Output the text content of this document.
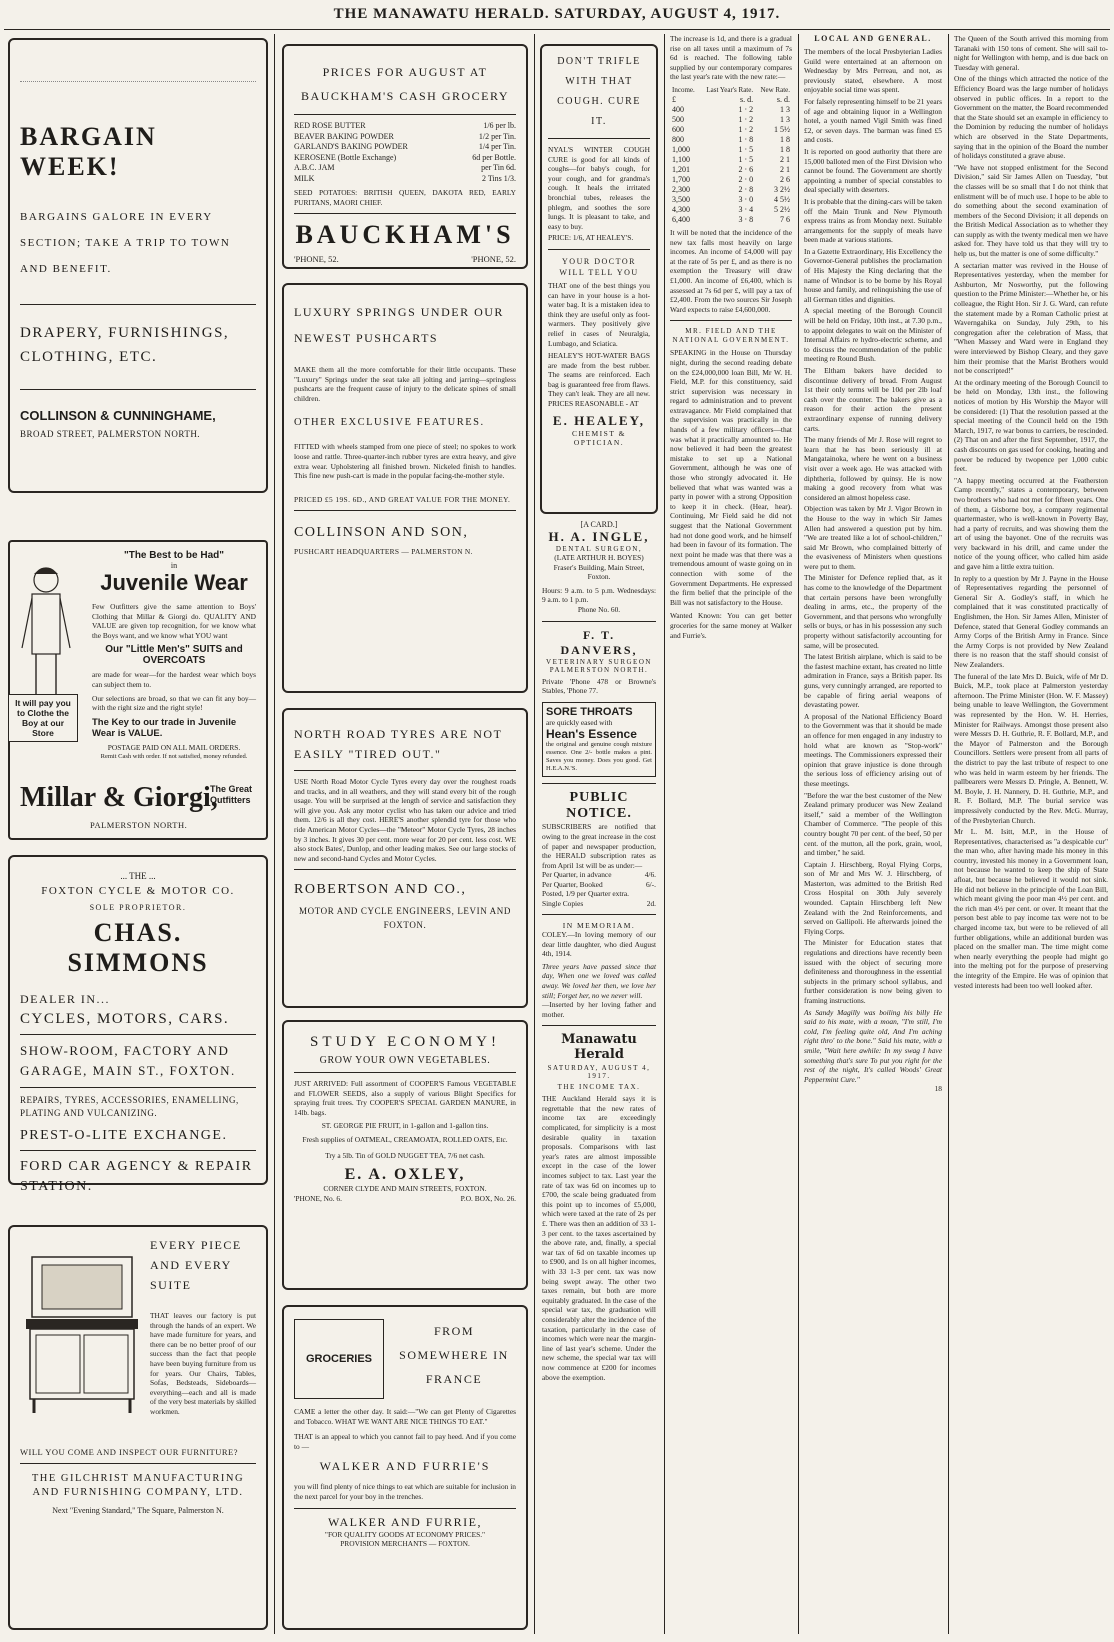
THE MANAWATU HERALD. SATURDAY, AUGUST 4, 1917.
BARGAIN WEEK!
BARGAINS GALORE IN EVERY SECTION; TAKE A TRIP TO TOWN AND BENEFIT.
DRAPERY, FURNISHINGS, CLOTHING, ETC.
COLLINSON & CUNNINGHAME,
BROAD STREET, PALMERSTON NORTH.
"The Best to be Had"
in
Juvenile Wear
Few Outfitters give the same attention to Boys' Clothing that Millar & Giorgi do. QUALITY AND VALUE are given top recognition, for we know what the Boys want, and we know what YOU want
Our "Little Men's" SUITS and OVERCOATS
are made for wear—for the hardest wear which boys can subject them to.
Our selections are broad, so that we can fit any boy—with the right size and the right style!
The Key to our trade in Juvenile Wear is VALUE.
POSTAGE PAID ON ALL MAIL ORDERS.
Remit Cash with order. If not satisfied, money refunded.
It will pay you to Clothe the Boy at our Store
Millar & Giorgi,
The Great Outfitters
PALMERSTON NORTH.
... THE ...
FOXTON CYCLE & MOTOR CO.
SOLE PROPRIETOR.
CHAS. SIMMONS
DEALER IN...
CYCLES, MOTORS, CARS.
SHOW-ROOM, FACTORY AND GARAGE, MAIN ST., FOXTON.
REPAIRS, TYRES, ACCESSORIES, ENAMELLING, PLATING AND VULCANIZING.
PREST-O-LITE EXCHANGE.
FORD CAR AGENCY & REPAIR STATION.
EVERY PIECE AND EVERY SUITE
THAT leaves our factory is put through the hands of an expert. We have made furniture for years, and there can be no better proof of our success than the fact that people have been buying furniture from us for years. Our Chairs, Tables, Sofas, Bedsteads, Sideboards—everything—each and all is made of the very best materials by skilled workmen.
WILL YOU COME AND INSPECT OUR FURNITURE?
THE GILCHRIST MANUFACTURING AND FURNISHING COMPANY, LTD.
Next "Evening Standard," The Square, Palmerston N.
PRICES FOR AUGUST AT BAUCKHAM'S CASH GROCERY
RED ROSE BUTTER	1/6 per lb.
BEAVER BAKING POWDER	1/2 per Tin.
GARLAND'S BAKING POWDER	1/4 per Tin.
KEROSENE (Bottle Exchange)	6d per Bottle.
A.B.C. JAM	per Tin 6d.
MILK	2 Tins 1/3.
SEED POTATOES: BRITISH QUEEN, DAKOTA RED, EARLY PURITANS, MAORI CHIEF.
BAUCKHAM'S
'PHONE, 52.	'PHONE, 52.
LUXURY SPRINGS UNDER OUR NEWEST PUSHCARTS
MAKE them all the more comfortable for their little occupants. These "Luxury" Springs under the seat take all jolting and jarring—springless pushcarts are the frequent cause of injury to the delicate spines of small children.
OTHER EXCLUSIVE FEATURES.
FITTED with wheels stamped from one piece of steel; no spokes to work loose and rattle. Three-quarter-inch rubber tyres are extra heavy, and give extra wear. Upholstering all finished brown. Nickeled finish to handles. This fine new push-cart is made in the popular facing-the-mother style.
PRICED £5 19S. 6D., AND GREAT VALUE FOR THE MONEY.
COLLINSON AND SON,
PUSHCART HEADQUARTERS — PALMERSTON N.
NORTH ROAD TYRES ARE NOT EASILY "TIRED OUT."
USE North Road Motor Cycle Tyres every day over the roughest roads and tracks, and in all weathers, and they will stand every bit of the rough usage. You will be surprised at the length of service and satisfaction they will give you. Ask any motor cyclist who has taken our advice and tried them. 12/6 is all they cost. HERE'S another splendid tyre for those who ride American Motor Cycles—the "Meteor" Motor Cycle Tyres, 28 inches by 3 inches. It gives 30 per cent. more wear for 20 per cent. less cost. WE also stock Bates', Dunlop, and other leading makes. See our large stocks of new and second-hand Cycles and Motor Cycles.
ROBERTSON AND CO.,
MOTOR AND CYCLE ENGINEERS, LEVIN AND FOXTON.
STUDY ECONOMY!
GROW YOUR OWN VEGETABLES.
JUST ARRIVED: Full assortment of COOPER'S Famous VEGETABLE and FLOWER SEEDS, also a supply of various Blight Specifics for spraying fruit trees. Try COOPER'S SPECIAL GARDEN MANURE, in 14lb. bags.
ST. GEORGE PIE FRUIT, in 1-gallon and 1-gallon tins.
Fresh supplies of OATMEAL, CREAMOATA, ROLLED OATS, Etc.
Try a 5lb. Tin of GOLD NUGGET TEA, 7/6 net cash.
E. A. OXLEY,
CORNER CLYDE AND MAIN STREETS, FOXTON.
'PHONE, No. 6.	P.O. BOX, No. 26.
GROCERIES
FROM SOMEWHERE IN FRANCE
CAME a letter the other day. It said:—"We can get Plenty of Cigarettes and Tobacco. WHAT WE WANT ARE NICE THINGS TO EAT."
THAT is an appeal to which you cannot fail to pay heed. And if you come to —
WALKER AND FURRIE'S
you will find plenty of nice things to eat which are suitable for inclusion in the next parcel for your boy in the trenches.
WALKER AND FURRIE,
"FOR QUALITY GOODS AT ECONOMY PRICES."
PROVISION MERCHANTS — FOXTON.
DON'T TRIFLE WITH THAT COUGH. CURE IT.
NYAL'S WINTER COUGH CURE is good for all kinds of coughs—for baby's cough, for your cough, and for grandma's cough. It heals the irritated bronchial tubes, releases the phlegm, and soothes the sore lungs. It is pleasant to take, and easy to buy.
PRICE: 1/6, AT HEALEY'S.
YOUR DOCTOR WILL TELL YOU
THAT one of the best things you can have in your house is a hot-water bag. It is a mistaken idea to think they are useful only as foot-warmers. They positively give relief in cases of Neuralgia, Lumbago, and Sciatica.
HEALEY'S HOT-WATER BAGS are made from the best rubber. The seams are reinforced. Each bag is guaranteed free from flaws. They can't leak. They are all new. PRICES REASONABLE - AT
E. HEALEY,
CHEMIST & OPTICIAN.
[A CARD.]
H. A. INGLE,
DENTAL SURGEON,
(LATE ARTHUR H. BOYES)
Fraser's Building, Main Street, Foxton.
Hours: 9 a.m. to 5 p.m. Wednesdays: 9 a.m. to 1 p.m.
Phone No. 60.
F. T. DANVERS,
VETERINARY SURGEON
PALMERSTON NORTH.
Private 'Phone 478 or Browne's Stables, 'Phone 77.
SORE THROATS
are quickly eased with
Hean's Essence
the original and genuine cough mixture essence. One 2/- bottle makes a pint. Saves you money. Does you good. Get H.E.A.N.'S.
PUBLIC NOTICE.
SUBSCRIBERS are notified that owing to the great increase in the cost of paper and newspaper production, the HERALD subscription rates as from April 1st will be as under:—
Per Quarter, in advance	4/6.
Per Quarter, Booked	6/-.
Posted, 1/9 per Quarter extra.
Single Copies	2d.
IN MEMORIAM.
COLEY.—In loving memory of our dear little daughter, who died August 4th, 1914.
Three years have passed since that day, When one we loved was called away. We loved her then, we love her still; Forget her, no we never will.
—Inserted by her loving father and mother.
Manawatu Herald
SATURDAY, AUGUST 4, 1917.
THE INCOME TAX.
THE Auckland Herald says it is regrettable that the new rates of income tax are exceedingly complicated, for simplicity is a most desirable quality in taxation proposals. Comparisons with last year's rates are almost impossible except in the case of the lower incomes subject to tax. Last year the rate of tax was 6d on incomes up to £700, the scale being graduated from this point up to incomes of £5,000, which were taxed at the rate of 2s per £. There was then an addition of 33 1-3 per cent. to the taxes ascertained by the above rate, and, finally, a special war tax of 6d on taxable incomes up to £900, and 1s on all higher incomes, with 33 1-3 per cent. tax was now being swept away. The other two taxes remain, but both are more equitably graduated. In the case of the special war tax, the graduation will considerably alter the incidence of the taxation, particularly in the case of incomes which were near the margin-line of last year's scheme. Under the new scheme, the special war tax will now commence at £200 for incomes above the exemption.
The increase is 1d, and there is a gradual rise on all taxes until a maximum of 7s 6d is reached. The following table supplied by our contemporary compares the last year's rate with the new rate:—
Income.	Last Year's Rate.	New Rate.
£	s. d.	s. d.
400	1 · 2	1 3
500	1 · 2	1 3
600	1 · 2	1 5½
800	1 · 8	1 8
1,000	1 · 5	1 8
1,100	1 · 5	2 1
1,201	2 · 6	2 1
1,700	2 · 0	2 6
2,300	2 · 8	3 2½
3,500	3 · 0	4 5½
4,300	3 · 4	5 2½
6,400	3 · 8	7 6
It will be noted that the incidence of the new tax falls most heavily on large incomes. An income of £4,000 will pay at the rate of 5s per £, and as there is no exemption the Treasury will draw £1,000. An income of £6,400, which is assessed at 7s 6d per £, will pay a tax of £2,400. From the two sources Sir Joseph Ward expects to raise £4,600,000.
MR. FIELD AND THE NATIONAL GOVERNMENT.
SPEAKING in the House on Thursday night, during the second reading debate on the £24,000,000 loan Bill, Mr W. H. Field, M.P. for this constituency, said strict supervision was necessary in regard to administration and to prevent extravagance. Mr Field complained that the supervision was practically in the hands of a few military officers—that was what it practically amounted to. He now believed it had been the greatest mistake to set up a National Government, although he was one of those who strongly advocated it. He believed that what was wanted was a party in power with a strong Opposition to keep it in check. (Hear, hear). Continuing, Mr Field said he did not suggest that the National Government had not done good work, and he himself had been in favour of its formation. The next point he made was that there was a tremendous amount of waste going on in connection with some of the Government Departments. He expressed the firm belief that the principle of the Bill was not satisfactory to the House.
Wanted Known: You can get better groceries for the same money at Walker and Furrie's.
LOCAL AND GENERAL.
The members of the local Presbyterian Ladies Guild were entertained at an afternoon on Wednesday by Mrs Perreau, and not, as previously stated, elsewhere. A most enjoyable social time was spent.
For falsely representing himself to be 21 years of age and obtaining liquor in a Wellington hotel, a youth named Vigil Smith was fined £2, or seven days. The barman was fined £5 and costs.
It is reported on good authority that there are 15,000 balloted men of the First Division who cannot be found. The Government are shortly appointing a number of special constables to deal specially with deserters.
It is probable that the dining-cars will be taken off the Main Trunk and New Plymouth express trains as from Monday next. Suitable arrangements for the supply of meals have been made at various stations.
In a Gazette Extraordinary, His Excellency the Governor-General publishes the proclamation of His Majesty the King declaring that the name of Windsor is to be borne by his Royal house and family, and relinquishing the use of all German titles and dignities.
A special meeting of the Borough Council will be held on Friday, 10th inst., at 7.30 p.m., to appoint delegates to wait on the Minister of Internal Affairs re hydro-electric scheme, and to discuss the recommendation of the public meeting re Round Bush.
The Eltham bakers have decided to discontinue delivery of bread. From August 1st their only terms will be 10d per 2lb loaf cash over the counter. The bakers give as a reason for their action the present extraordinary expense of running delivery carts.
The many friends of Mr J. Rose will regret to learn that he has been seriously ill at Mangatainoka, where he went on a business visit over a week ago. He was attacked with diphtheria, followed by quinsy. He is now making a good recovery from what was considered an almost hopeless case.
Objection was taken by Mr J. Vigor Brown in the House to the way in which Sir James Allen had answered a question put by him. "We are treated like a lot of school-children," said Mr Brown, who complained bitterly of the evasiveness of Ministers when questions were put to them.
The Minister for Defence replied that, as it has come to the knowledge of the Department that certain persons have been wrongfully dealing in arms, etc., the property of the Government, and that persons who wrongfully sells or buys, or has in his possession any such property without satisfactorily accounting for same, will be prosecuted.
The latest British airplane, which is said to be the fastest machine extant, has created no little admiration in France, says a British paper. Its guns, very cunningly arranged, are reported to be capable of firing aerial weapons of devastating power.
A proposal of the National Efficiency Board to the Government was that it should be made an offence for men engaged in any industry to hold what are known as "Stop-work" meetings. The Commissioners expressed their opinion that grave injustice is done through the serious loss of efficiency arising out of these meetings.
"Before the war the best customer of the New Zealand primary producer was New Zealand itself," said a member of the Wellington Chamber of Commerce. "The people of this country bought 70 per cent. of the beef, 50 per cent. of the mutton, all the pork, grain, wool, and timber," he said.
Captain J. Hirschberg, Royal Flying Corps, son of Mr and Mrs W. J. Hirschberg, of Masterton, was admitted to the British Red Cross Hospital on 30th July severely wounded. Captain Hirschberg left New Zealand with the 2nd Reinforcements, and served on Gallipoli. He afterwards joined the Flying Corps.
The Minister for Education states that regulations and directions have recently been issued with the object of securing more definiteness and thoroughness in the essential subjects in the primary school syllabus, and further consideration is now being given to framing instructions.
As Sandy Magilly was boiling his billy He said to his mate, with a moan, "I'm still, I'm cold, I'm feeling quite old, And I'm aching right thro' to the bone." Said his mate, with a smile, "Wait here awhile: In my swag I have something that's sure To put you right for the rest of the night, It's called Woods' Great Peppermint Cure."
18
The Queen of the South arrived this morning from Taranaki with 150 tons of cement. She will sail to-night for Wellington with hemp, and is due back on Tuesday with general.
One of the things which attracted the notice of the Efficiency Board was the large number of holidays observed in public offices. In a report to the Government on the matter, the Board recommended that the State should set an example in efficiency to the Dominion by reducing the number of holidays which are observed in the State Departments, saying that in the opinion of the Board the number of holidays constituted a grave abuse.
"We have not stopped enlistment for the Second Division," said Sir James Allen on Tuesday, "but the classes will be so small that I do not think that enlistment will be of much use. I hope to be able to do something about the second examination of members of the Second Division; it all depends on the British Medical Association as to whether they can supply as with the twenty medical men we have asked for. They have told us that they will try to help us, but the matter is one of some difficulty."
A sectarian matter was revived in the House of Representatives yesterday, when the member for Ashburton, Mr Nosworthy, put the following question to the Prime Minister:—Whether he, or his colleague, the Right Hon. Sir J. G. Ward, can refute the statement made by a Roman Catholic priest at Waverngahika on Sunday, July 29th, to his congregation after the celebration of Mass, that "When Massey and Ward were in England they were interviewed by Bishop Cleary, and they gave him their promise that the Marist Brothers would not be conscripted!"
At the ordinary meeting of the Borough Council to be held on Monday, 13th inst., the following notices of motion by His Worship the Mayor will be considered: (1) That the resolution passed at the special meeting of the Council held on the 19th March, 1917, re war bonus to carriers, be rescinded. (2) That on and after the first September, 1917, the cash discounts on gas used for cooking, heating and power be reduced by twopence per 1,000 cubic feet.
"A happy meeting occurred at the Featherston Camp recently," states a contemporary, between two brothers who had not met for fifteen years. One of them, a Gisborne boy, a company regimental quartermaster, who is well-known in Poverty Bay, had a party of recruits, and was showing them the art of using the bayonet. One of the recruits was very backward in his drill, and came under the notice of the young officer, who called him aside and gave him a little extra tuition.
In reply to a question by Mr J. Payne in the House of Representatives regarding the personnel of General Sir A. Godley's staff, in which he complained that it was constituted practically of Englishmen, the Hon. Sir James Allen, Minister of Defence, stated that General Godley commands an Army Corps of the British Army in France. Since the Army Corps is not provided by New Zealand there is no reason that the staff should consist of New Zealanders.
The funeral of the late Mrs D. Buick, wife of Mr D. Buick, M.P., took place at Palmerston yesterday afternoon. The Prime Minister (Hon. W. F. Massey) being unable to leave Wellington, the Government was represented by the Hon. W. H. Herries, Minister for Railways. Amongst those present also were Messrs D. H. Guthrie, R. F. Bollard, M.P., and the Mayor of Palmerston and the Borough Councillors. Settlers were present from all parts of the district to pay the last tribute of respect to one who was held in warm esteem by her friends. The pallbearers were Messrs D. Pringle, A. Bennett, W. M. Boyle, J. H. Nannery, D. H. Guthrie, M.P., and R. F. Bollard, M.P. The burial service was impressively conducted by the Rev. McG. Murray, of the Presbyterian Church.
Mr L. M. Isitt, M.P., in the House of Representatives, characterised as "a despicable cur" the man who, after having made his money in this country, invested his money in a Government loan, not because he wanted to keep the ship of State afloat, but because he believed it would not sink. He did not believe in the principle of the Loan Bill, which meant giving the poor man 4½ per cent. and the rich man 4½ per cent. or over. It meant that the person best able to pay income tax were not to be charged income tax, but were to be relieved of all further obligations, while an additional burden was placed on the smaller man. The time might come when nearly everything the people had might go into the melting pot for the purpose of preserving the integrity of the Empire. He was of opinion that vested interests had been too well looked after.
